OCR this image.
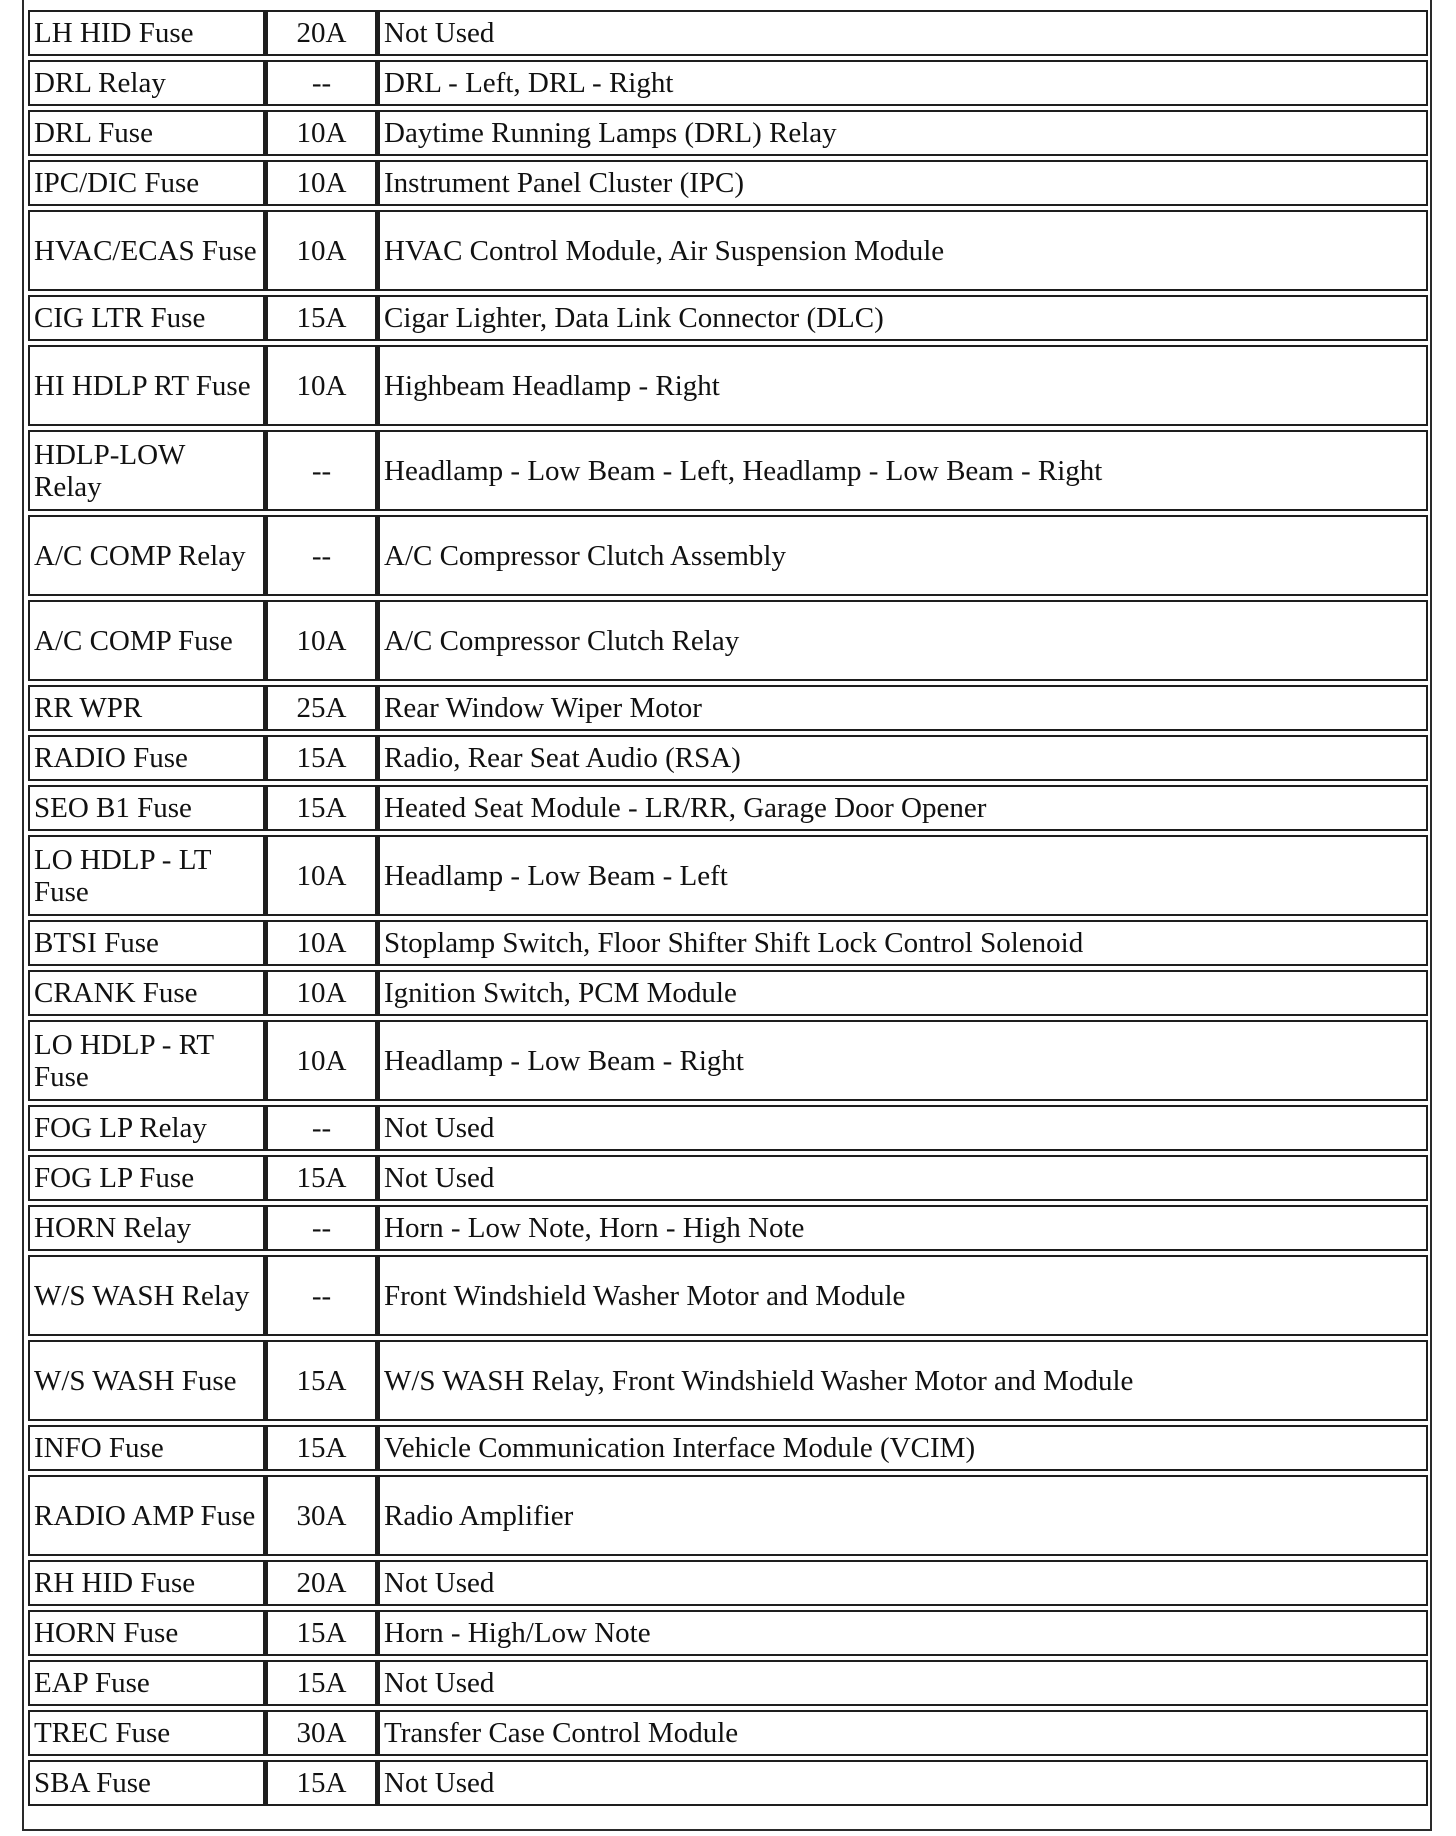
LH HID Fuse	20A	Not Used
DRL Relay	--	DRL - Left, DRL - Right
DRL Fuse	10A	Daytime Running Lamps (DRL) Relay
IPC/DIC Fuse	10A	Instrument Panel Cluster (IPC)
HVAC/ECAS Fuse	10A	HVAC Control Module, Air Suspension Module
CIG LTR Fuse	15A	Cigar Lighter, Data Link Connector (DLC)
HI HDLP RT Fuse	10A	Highbeam Headlamp - Right
HDLP-LOW Relay	--	Headlamp - Low Beam - Left, Headlamp - Low Beam - Right
A/C COMP Relay	--	A/C Compressor Clutch Assembly
A/C COMP Fuse	10A	A/C Compressor Clutch Relay
RR WPR	25A	Rear Window Wiper Motor
RADIO Fuse	15A	Radio, Rear Seat Audio (RSA)
SEO B1 Fuse	15A	Heated Seat Module - LR/RR, Garage Door Opener
LO HDLP - LT Fuse	10A	Headlamp - Low Beam - Left
BTSI Fuse	10A	Stoplamp Switch, Floor Shifter Shift Lock Control Solenoid
CRANK Fuse	10A	Ignition Switch, PCM Module
LO HDLP - RT Fuse	10A	Headlamp - Low Beam - Right
FOG LP Relay	--	Not Used
FOG LP Fuse	15A	Not Used
HORN Relay	--	Horn - Low Note, Horn - High Note
W/S WASH Relay	--	Front Windshield Washer Motor and Module
W/S WASH Fuse	15A	W/S WASH Relay, Front Windshield Washer Motor and Module
INFO Fuse	15A	Vehicle Communication Interface Module (VCIM)
RADIO AMP Fuse	30A	Radio Amplifier
RH HID Fuse	20A	Not Used
HORN Fuse	15A	Horn - High/Low Note
EAP Fuse	15A	Not Used
TREC Fuse	30A	Transfer Case Control Module
SBA Fuse	15A	Not Used
